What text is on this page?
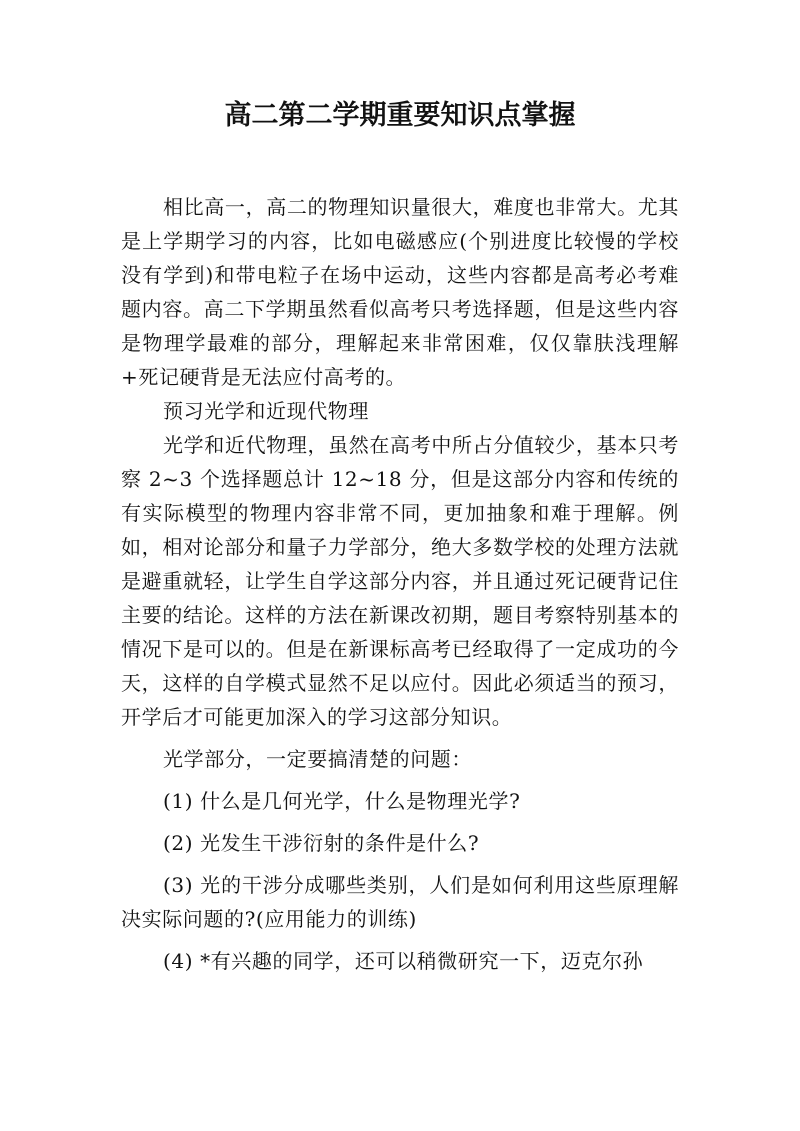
高二第二学期重要知识点掌握

相比高一，高二的物理知识量很大，难度也非常大。尤其是上学期学习的内容，比如电磁感应(个别进度比较慢的学校没有学到)和带电粒子在场中运动，这些内容都是高考必考难题内容。高二下学期虽然看似高考只考选择题，但是这些内容是物理学最难的部分，理解起来非常困难，仅仅靠肤浅理解+死记硬背是无法应付高考的。

预习光学和近现代物理

光学和近代物理，虽然在高考中所占分值较少，基本只考察 2~3 个选择题总计 12~18 分，但是这部分内容和传统的有实际模型的物理内容非常不同，更加抽象和难于理解。例如，相对论部分和量子力学部分，绝大多数学校的处理方法就是避重就轻，让学生自学这部分内容，并且通过死记硬背记住主要的结论。这样的方法在新课改初期，题目考察特别基本的情况下是可以的。但是在新课标高考已经取得了一定成功的今天，这样的自学模式显然不足以应付。因此必须适当的预习，开学后才可能更加深入的学习这部分知识。

光学部分，一定要搞清楚的问题：

(1) 什么是几何光学，什么是物理光学?

(2) 光发生干涉衍射的条件是什么?

(3) 光的干涉分成哪些类别，人们是如何利用这些原理解决实际问题的?(应用能力的训练)

(4) *有兴趣的同学，还可以稍微研究一下，迈克尔孙
